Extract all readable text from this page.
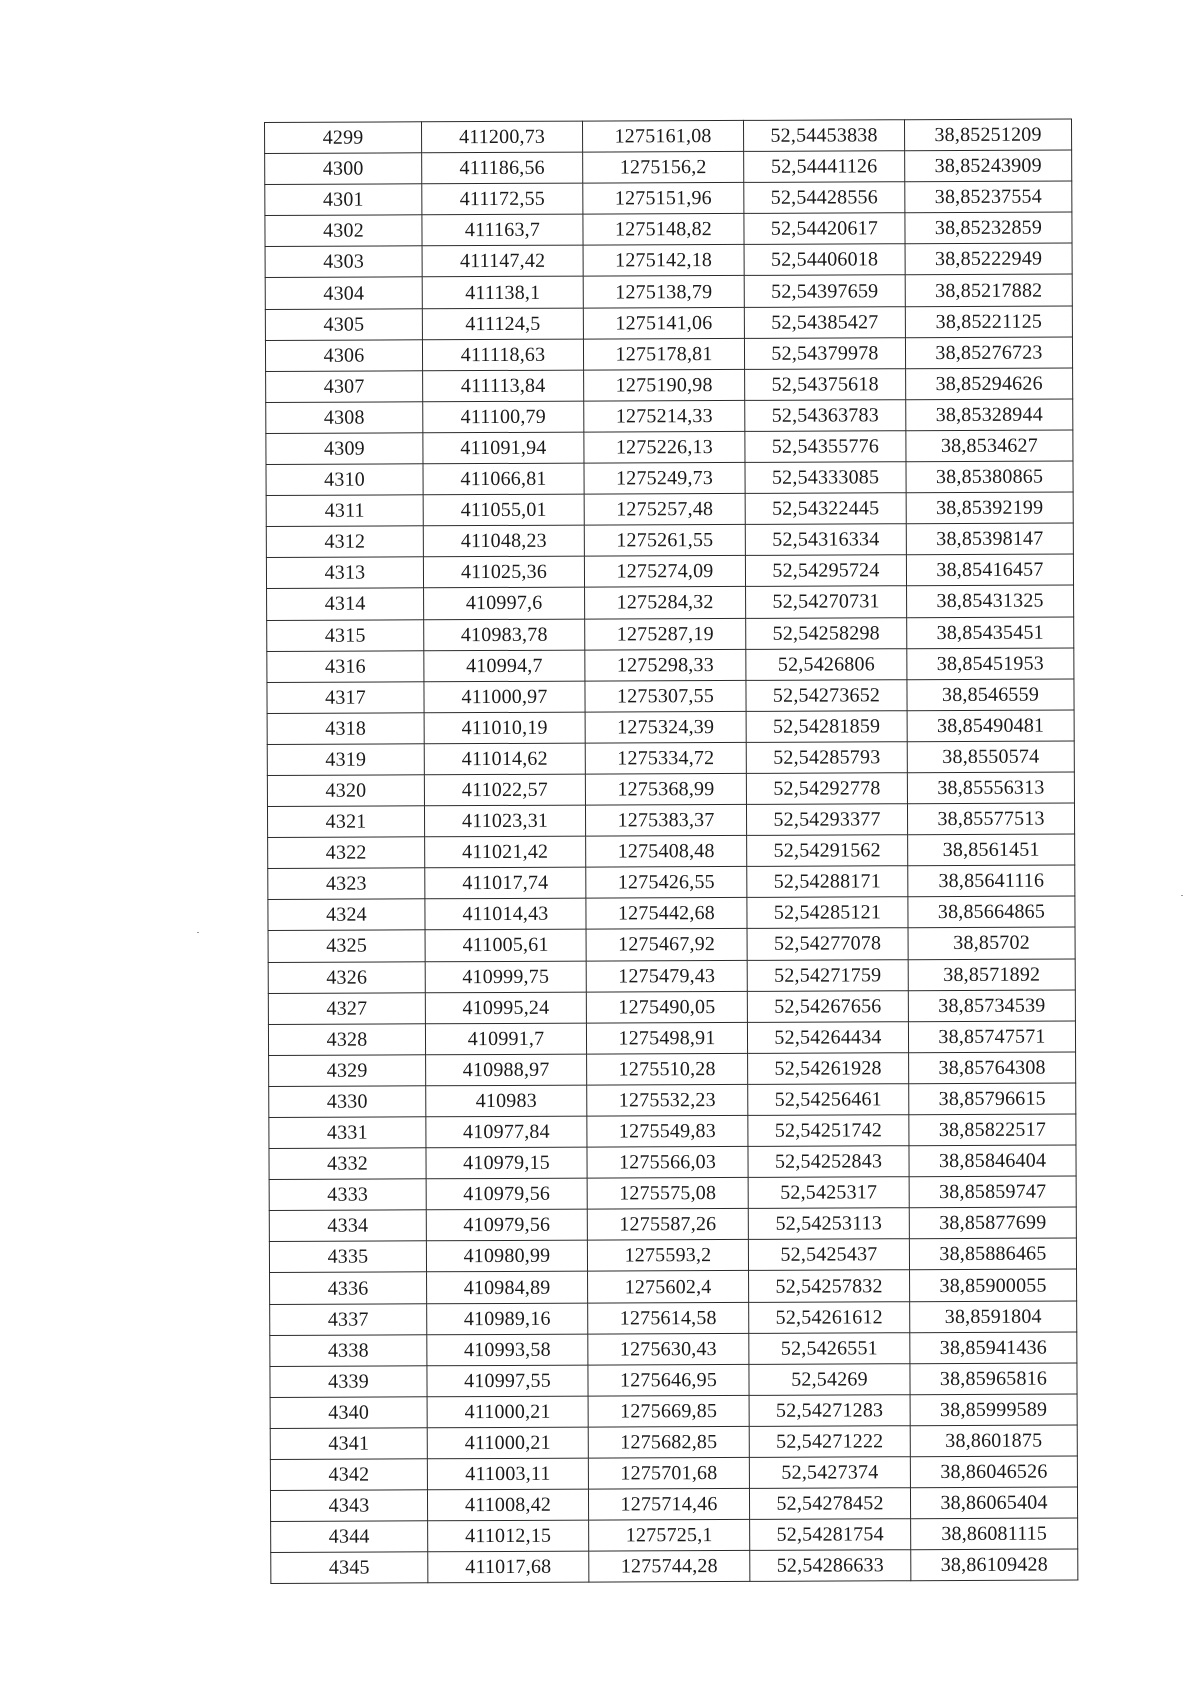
4299	411200,73	1275161,08	52,54453838	38,85251209
4300	411186,56	1275156,2	52,54441126	38,85243909
4301	411172,55	1275151,96	52,54428556	38,85237554
4302	411163,7	1275148,82	52,54420617	38,85232859
4303	411147,42	1275142,18	52,54406018	38,85222949
4304	411138,1	1275138,79	52,54397659	38,85217882
4305	411124,5	1275141,06	52,54385427	38,85221125
4306	411118,63	1275178,81	52,54379978	38,85276723
4307	411113,84	1275190,98	52,54375618	38,85294626
4308	411100,79	1275214,33	52,54363783	38,85328944
4309	411091,94	1275226,13	52,54355776	38,8534627
4310	411066,81	1275249,73	52,54333085	38,85380865
4311	411055,01	1275257,48	52,54322445	38,85392199
4312	411048,23	1275261,55	52,54316334	38,85398147
4313	411025,36	1275274,09	52,54295724	38,85416457
4314	410997,6	1275284,32	52,54270731	38,85431325
4315	410983,78	1275287,19	52,54258298	38,85435451
4316	410994,7	1275298,33	52,5426806	38,85451953
4317	411000,97	1275307,55	52,54273652	38,8546559
4318	411010,19	1275324,39	52,54281859	38,85490481
4319	411014,62	1275334,72	52,54285793	38,8550574
4320	411022,57	1275368,99	52,54292778	38,85556313
4321	411023,31	1275383,37	52,54293377	38,85577513
4322	411021,42	1275408,48	52,54291562	38,8561451
4323	411017,74	1275426,55	52,54288171	38,85641116
4324	411014,43	1275442,68	52,54285121	38,85664865
4325	411005,61	1275467,92	52,54277078	38,85702
4326	410999,75	1275479,43	52,54271759	38,8571892
4327	410995,24	1275490,05	52,54267656	38,85734539
4328	410991,7	1275498,91	52,54264434	38,85747571
4329	410988,97	1275510,28	52,54261928	38,85764308
4330	410983	1275532,23	52,54256461	38,85796615
4331	410977,84	1275549,83	52,54251742	38,85822517
4332	410979,15	1275566,03	52,54252843	38,85846404
4333	410979,56	1275575,08	52,5425317	38,85859747
4334	410979,56	1275587,26	52,54253113	38,85877699
4335	410980,99	1275593,2	52,5425437	38,85886465
4336	410984,89	1275602,4	52,54257832	38,85900055
4337	410989,16	1275614,58	52,54261612	38,8591804
4338	410993,58	1275630,43	52,5426551	38,85941436
4339	410997,55	1275646,95	52,54269	38,85965816
4340	411000,21	1275669,85	52,54271283	38,85999589
4341	411000,21	1275682,85	52,54271222	38,8601875
4342	411003,11	1275701,68	52,5427374	38,86046526
4343	411008,42	1275714,46	52,54278452	38,86065404
4344	411012,15	1275725,1	52,54281754	38,86081115
4345	411017,68	1275744,28	52,54286633	38,86109428
